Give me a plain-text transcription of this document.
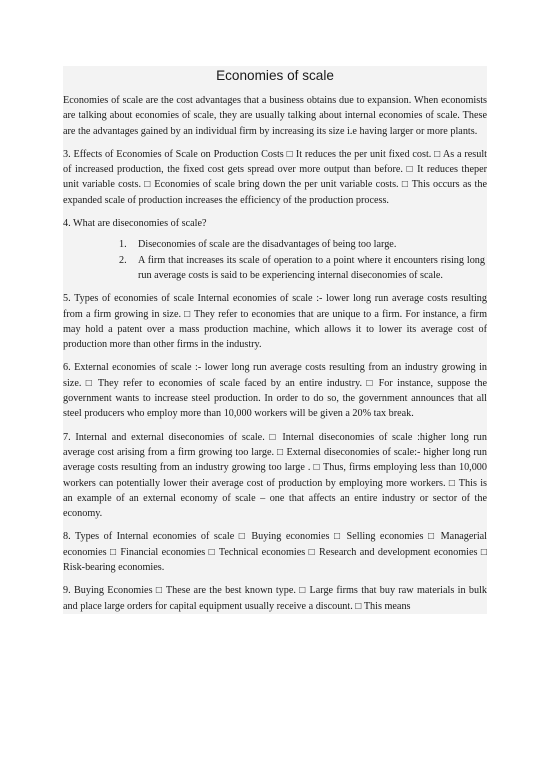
Economies of scale

Economies of scale are the cost advantages that a business obtains due to expansion. When economists are talking about economies of scale, they are usually talking about internal economies of scale. These are the advantages gained by an individual firm by increasing its size i.e having larger or more plants.

3. Effects of Economies of Scale on Production Costs □ It reduces the per unit fixed cost. □ As a result of increased production, the fixed cost gets spread over more output than before. □ It reduces theper unit variable costs. □ Economies of scale bring down the per unit variable costs. □ This occurs as the expanded scale of production increases the efficiency of the production process.

4. What are diseconomies of scale?

1. Diseconomies of scale are the disadvantages of being too large.
2. A firm that increases its scale of operation to a point where it encounters rising long run average costs is said to be experiencing internal diseconomies of scale.

5. Types of economies of scale Internal economies of scale :- lower long run average costs resulting from a firm growing in size. □ They refer to economies that are unique to a firm. For instance, a firm may hold a patent over a mass production machine, which allows it to lower its average cost of production more than other firms in the industry.

6. External economies of scale :- lower long run average costs resulting from an industry growing in size. □ They refer to economies of scale faced by an entire industry. □ For instance, suppose the government wants to increase steel production. In order to do so, the government announces that all steel producers who employ more than 10,000 workers will be given a 20% tax break.

7. Internal and external diseconomies of scale. □ Internal diseconomies of scale :higher long run average cost arising from a firm growing too large. □ External diseconomies of scale:- higher long run average costs resulting from an industry growing too large . □ Thus, firms employing less than 10,000 workers can potentially lower their average cost of production by employing more workers. □ This is an example of an external economy of scale – one that affects an entire industry or sector of the economy.

8. Types of Internal economies of scale □ Buying economies □ Selling economies □ Managerial economies □ Financial economies □ Technical economies □ Research and development economies □ Risk-bearing economies.

9. Buying Economies □ These are the best known type. □ Large firms that buy raw materials in bulk and place large orders for capital equipment usually receive a discount. □ This means
